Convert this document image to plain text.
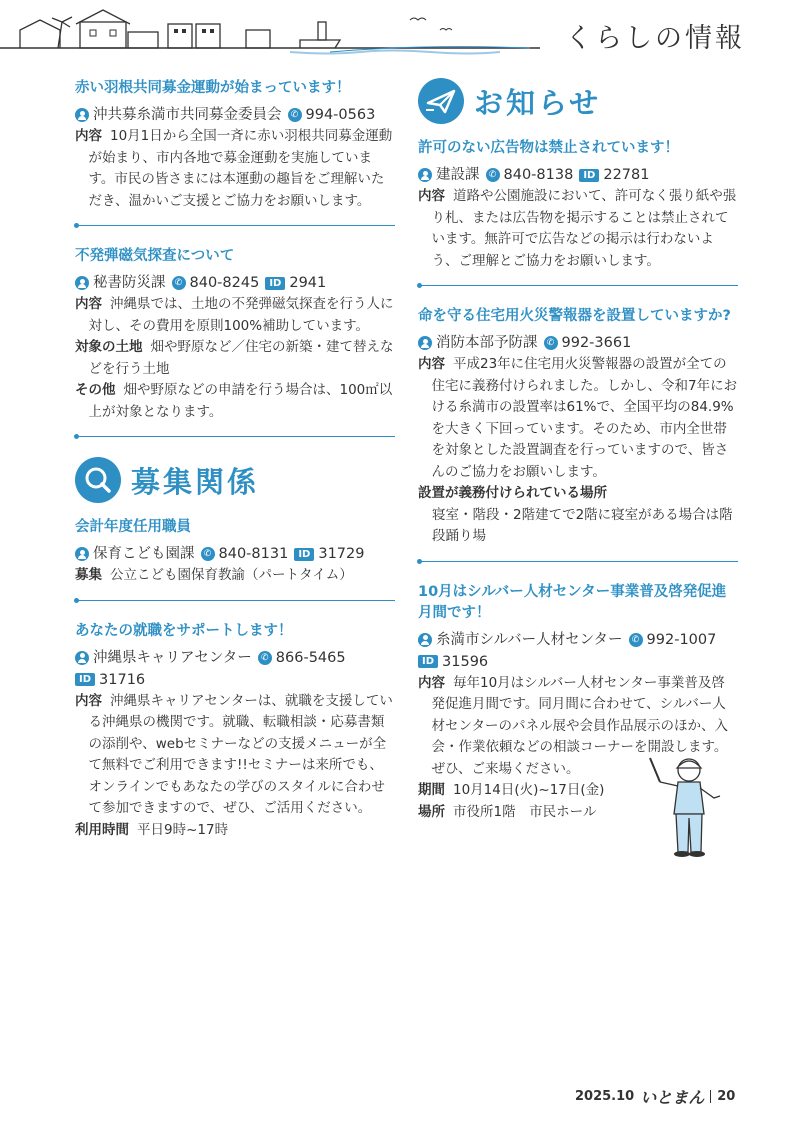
くらしの情報

赤い羽根共同募金運動が始まっています！

沖共募糸満市共同募金委員会	✆ 994-0563

内容 10月1日から全国一斉に赤い羽根共同募金運動が始まり、市内各地で募金運動を実施しています。市民の皆さまには本運動の趣旨をご理解いただき、温かいご支援とご協力をお願いします。

不発弾磁気探査について

秘書防災課	✆ 840-8245	ID 2941

内容 沖縄県では、土地の不発弾磁気探査を行う人に対し、その費用を原則100%補助しています。

対象の土地 畑や野原など／住宅の新築・建て替えなどを行う土地

その他 畑や野原などの申請を行う場合は、100㎡以上が対象となります。

募集関係

会計年度任用職員

保育こども園課	✆ 840-8131	ID 31729

募集 公立こども園保育教諭（パートタイム）

あなたの就職をサポートします！

沖縄県キャリアセンター	✆ 866-5465
ID 31716

内容 沖縄県キャリアセンターは、就職を支援している沖縄県の機関です。就職、転職相談・応募書類の添削や、webセミナーなどの支援メニューが全て無料でご利用できます!!セミナーは来所でも、オンラインでもあなたの学びのスタイルに合わせて参加できますので、ぜひ、ご活用ください。

利用時間 平日9時~17時

お知らせ

許可のない広告物は禁止されています！

建設課	✆ 840-8138	ID 22781

内容 道路や公園施設において、許可なく張り紙や張り札、または広告物を掲示することは禁止されています。無許可で広告などの掲示は行わないよう、ご理解とご協力をお願いします。

命を守る住宅用火災警報器を設置していますか?

消防本部予防課	✆ 992-3661

内容 平成23年に住宅用火災警報器の設置が全ての住宅に義務付けられました。しかし、令和7年における糸満市の設置率は61%で、全国平均の84.9%を大きく下回っています。そのため、市内全世帯を対象とした設置調査を行っていますので、皆さんのご協力をお願いします。

設置が義務付けられている場所

寝室・階段・2階建てで2階に寝室がある場合は階段踊り場

10月はシルバー人材センター事業普及啓発促進月間です！

糸満市シルバー人材センター	✆ 992-1007
ID 31596

内容 毎年10月はシルバー人材センター事業普及啓発促進月間です。同月間に合わせて、シルバー人材センターのパネル展や会員作品展示のほか、入会・作業依頼などの相談コーナーを開設します。ぜひ、ご来場ください。

期間 10月14日(火)~17日(金)

場所 市役所1階　市民ホール

2025.10 いとまん 20
